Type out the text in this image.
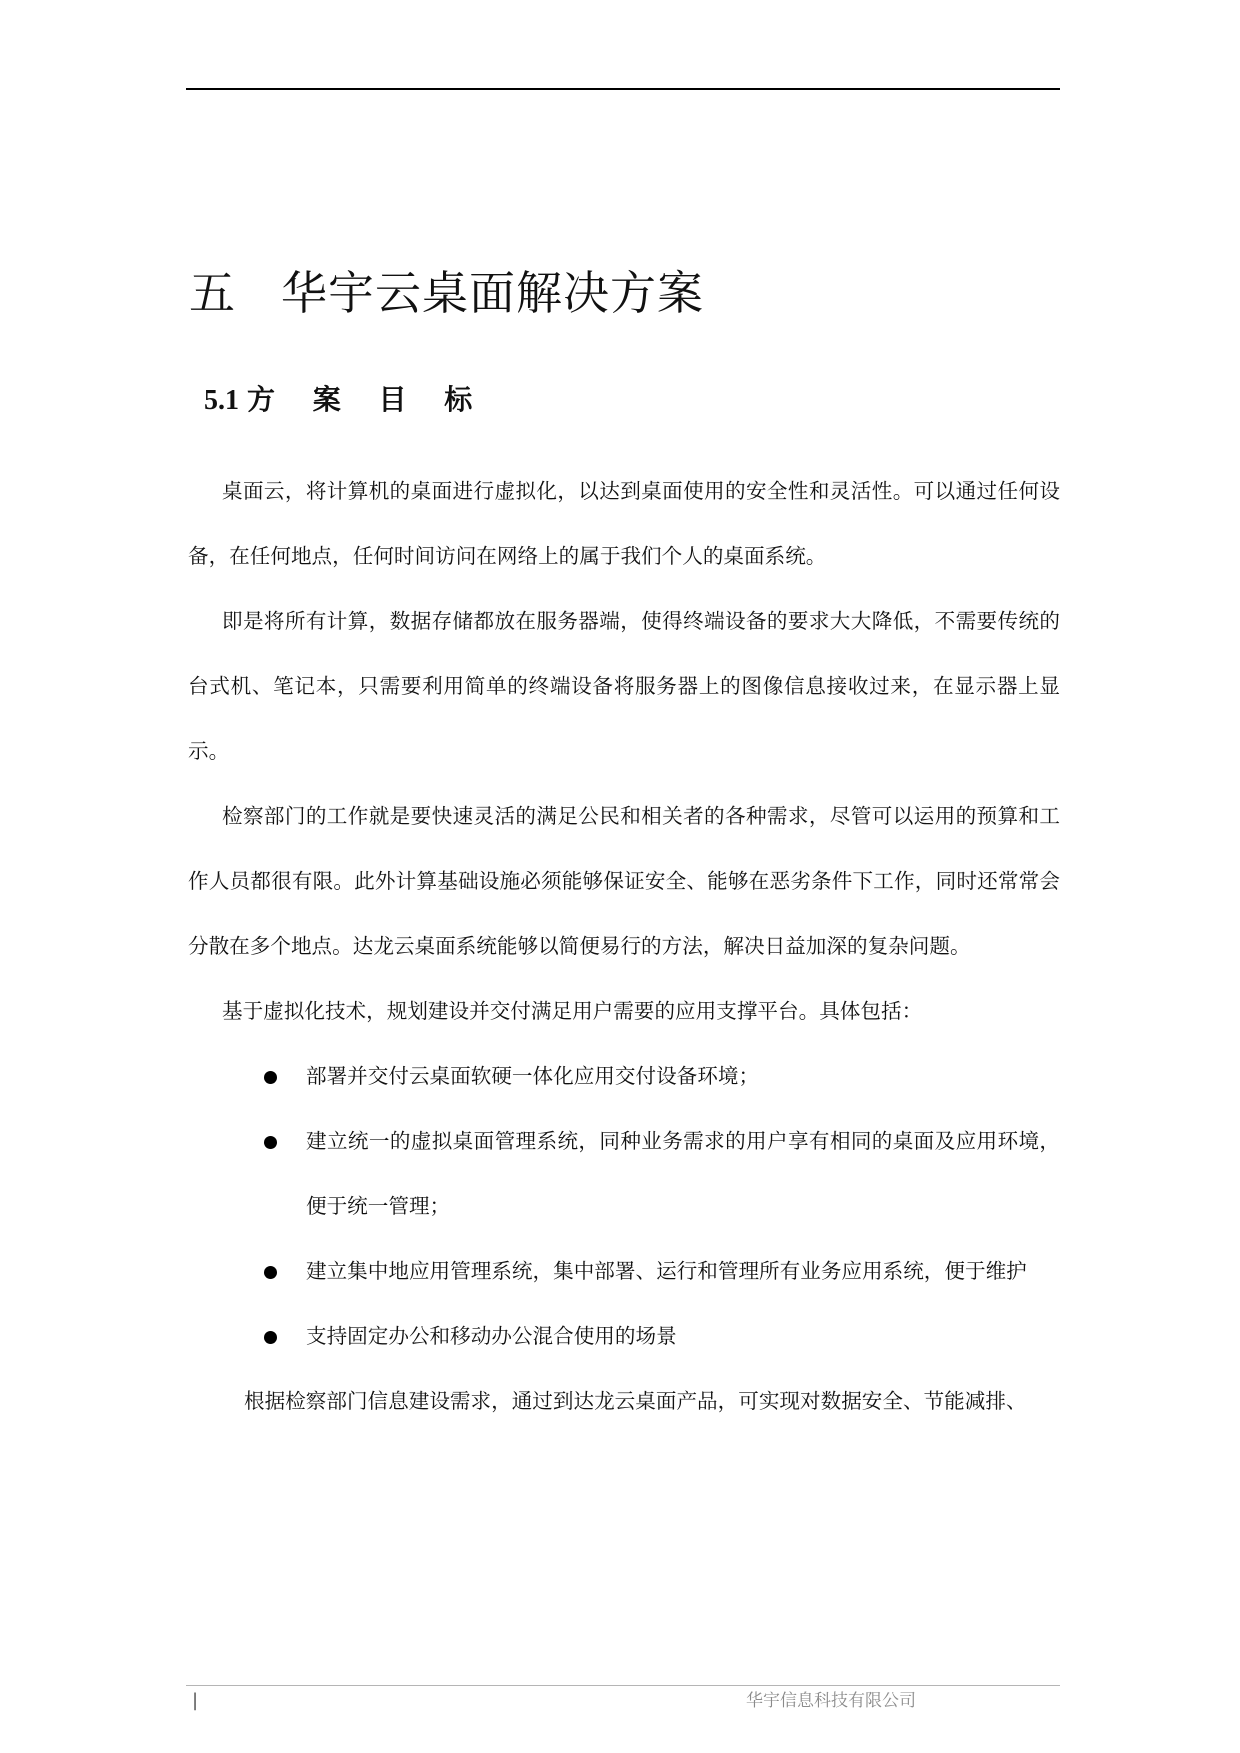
五 华宇云桌面解决方案
5.1 方 案 目 标

桌面云，将计算机的桌面进行虚拟化，以达到桌面使用的安全性和灵活性。可以通过任何设备，在任何地点，任何时间访问在网络上的属于我们个人的桌面系统。

即是将所有计算，数据存储都放在服务器端，使得终端设备的要求大大降低，不需要传统的台式机、笔记本，只需要利用简单的终端设备将服务器上的图像信息接收过来，在显示器上显示。

检察部门的工作就是要快速灵活的满足公民和相关者的各种需求，尽管可以运用的预算和工作人员都很有限。此外计算基础设施必须能够保证安全、能够在恶劣条件下工作，同时还常常会分散在多个地点。达龙云桌面系统能够以简便易行的方法，解决日益加深的复杂问题。

基于虚拟化技术，规划建设并交付满足用户需要的应用支撑平台。具体包括：

部署并交付云桌面软硬一体化应用交付设备环境；
建立统一的虚拟桌面管理系统，同种业务需求的用户享有相同的桌面及应用环境，便于统一管理；
建立集中地应用管理系统，集中部署、运行和管理所有业务应用系统，便于维护
支持固定办公和移动办公混合使用的场景

根据检察部门信息建设需求，通过到达龙云桌面产品，可实现对数据安全、节能减排、

|	华宇信息科技有限公司
